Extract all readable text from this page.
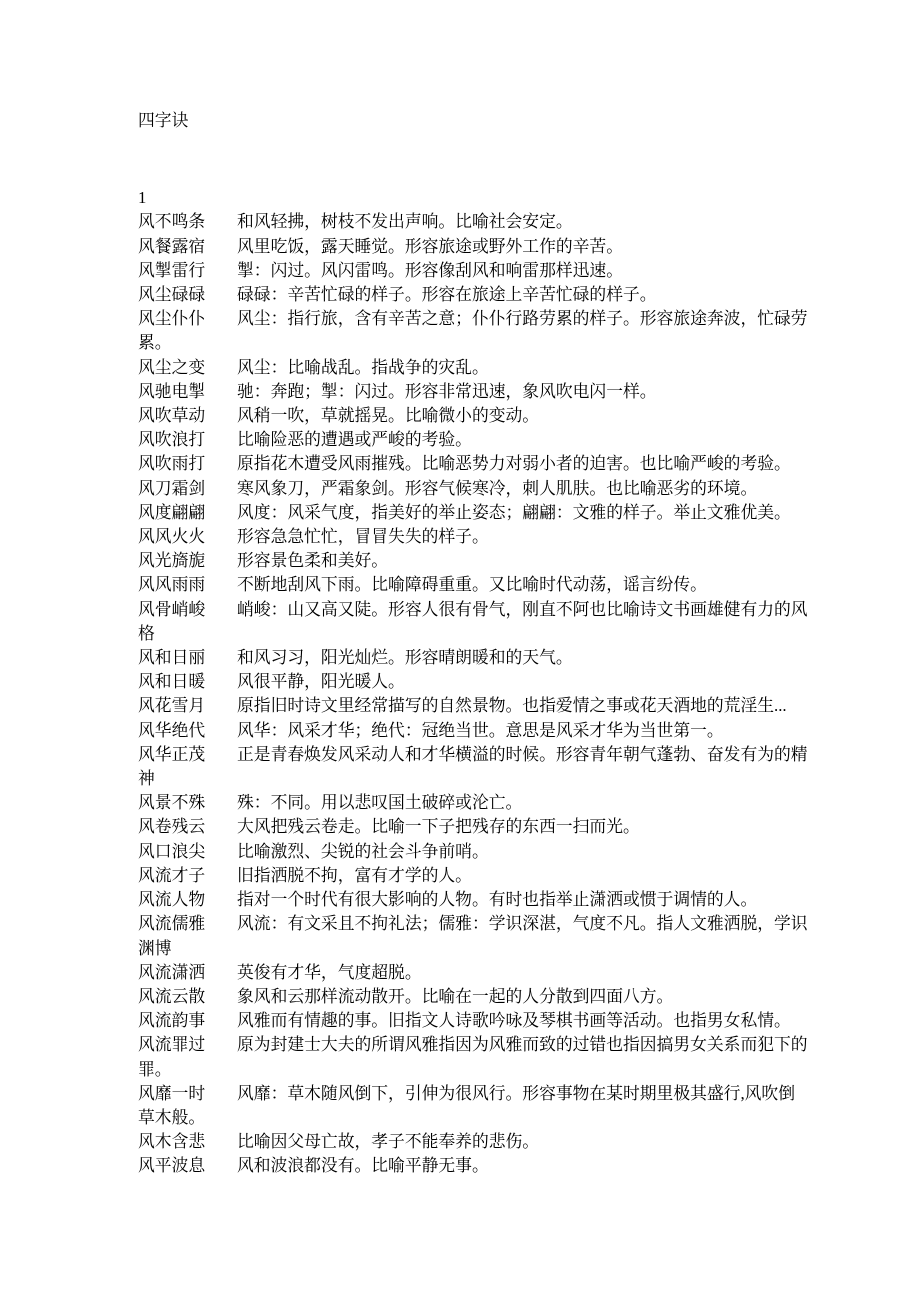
四字诀
1
风不鸣条 和风轻拂，树枝不发出声响。比喻社会安定。
风餐露宿 风里吃饭，露天睡觉。形容旅途或野外工作的辛苦。
风掣雷行 掣：闪过。风闪雷鸣。形容像刮风和响雷那样迅速。
风尘碌碌 碌碌：辛苦忙碌的样子。形容在旅途上辛苦忙碌的样子。
风尘仆仆 风尘：指行旅，含有辛苦之意；仆仆行路劳累的样子。形容旅途奔波，忙碌劳累。
风尘之变 风尘：比喻战乱。指战争的灾乱。
风驰电掣 驰：奔跑；掣：闪过。形容非常迅速，象风吹电闪一样。
风吹草动 风稍一吹，草就摇晃。比喻微小的变动。
风吹浪打 比喻险恶的遭遇或严峻的考验。
风吹雨打 原指花木遭受风雨摧残。比喻恶势力对弱小者的迫害。也比喻严峻的考验。
风刀霜剑 寒风象刀，严霜象剑。形容气候寒冷，刺人肌肤。也比喻恶劣的环境。
风度翩翩 风度：风采气度，指美好的举止姿态；翩翩：文雅的样子。举止文雅优美。
风风火火 形容急急忙忙，冒冒失失的样子。
风光旖旎 形容景色柔和美好。
风风雨雨 不断地刮风下雨。比喻障碍重重。又比喻时代动荡，谣言纷传。
风骨峭峻 峭峻：山又高又陡。形容人很有骨气，刚直不阿也比喻诗文书画雄健有力的风格
风和日丽 和风习习，阳光灿烂。形容晴朗暖和的天气。
风和日暖 风很平静，阳光暖人。
风花雪月 原指旧时诗文里经常描写的自然景物。也指爱情之事或花天酒地的荒淫生...
风华绝代 风华：风采才华；绝代：冠绝当世。意思是风采才华为当世第一。
风华正茂 正是青春焕发风采动人和才华横溢的时候。形容青年朝气蓬勃、奋发有为的精神
风景不殊 殊：不同。用以悲叹国土破碎或沦亡。
风卷残云 大风把残云卷走。比喻一下子把残存的东西一扫而光。
风口浪尖 比喻激烈、尖锐的社会斗争前哨。
风流才子 旧指洒脱不拘，富有才学的人。
风流人物 指对一个时代有很大影响的人物。有时也指举止潇洒或惯于调情的人。
风流儒雅 风流：有文采且不拘礼法；儒雅：学识深湛，气度不凡。指人文雅洒脱，学识渊博
风流潇洒 英俊有才华，气度超脱。
风流云散 象风和云那样流动散开。比喻在一起的人分散到四面八方。
风流韵事 风雅而有情趣的事。旧指文人诗歌吟咏及琴棋书画等活动。也指男女私情。
风流罪过 原为封建士大夫的所谓风雅指因为风雅而致的过错也指因搞男女关系而犯下的罪。
风靡一时 风靡：草木随风倒下，引伸为很风行。形容事物在某时期里极其盛行,风吹倒草木般。
风木含悲 比喻因父母亡故，孝子不能奉养的悲伤。
风平波息 风和波浪都没有。比喻平静无事。
